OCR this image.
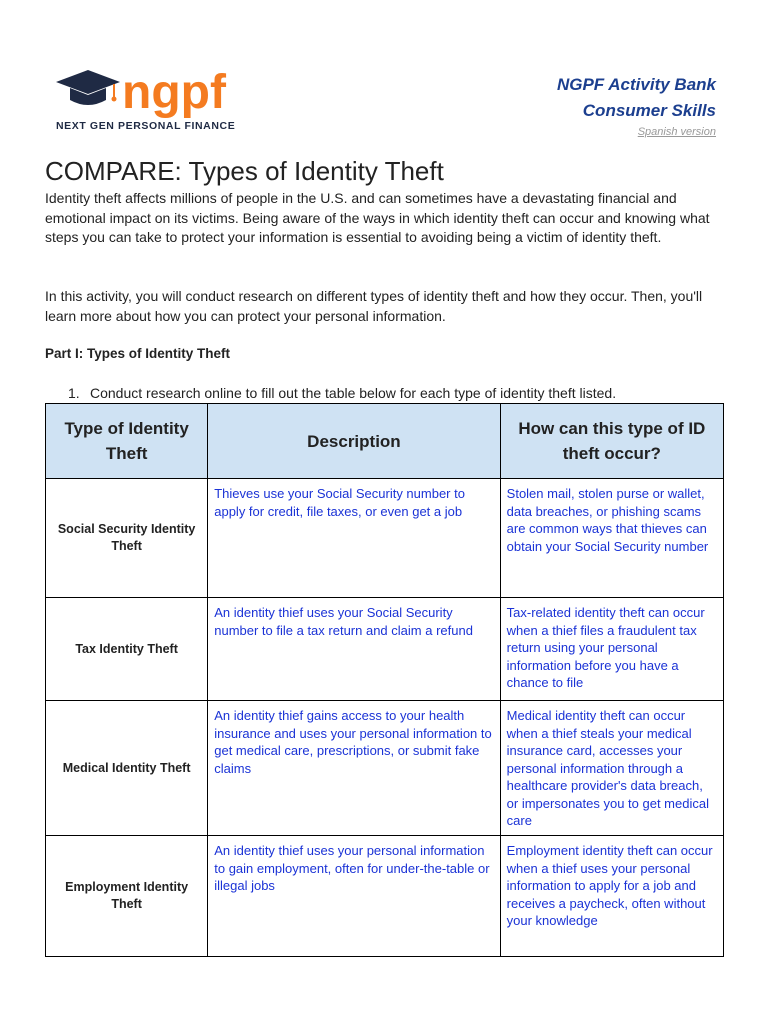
ngpf
NEXT GEN PERSONAL FINANCE
NGPF Activity Bank
Consumer Skills
Spanish version
COMPARE: Types of Identity Theft

Identity theft affects millions of people in the U.S. and can sometimes have a devastating financial and emotional impact on its victims. Being aware of the ways in which identity theft can occur and knowing what steps you can take to protect your information is essential to avoiding being a victim of identity theft.

In this activity, you will conduct research on different types of identity theft and how they occur. Then, you'll learn more about how you can protect your personal information.

Part I: Types of Identity Theft

1. Conduct research online to fill out the table below for each type of identity theft listed.
Type of Identity Theft	Description	How can this type of ID theft occur?
Social Security Identity Theft	Thieves use your Social Security number to apply for credit, file taxes, or even get a job	Stolen mail, stolen purse or wallet, data breaches, or phishing scams are common ways that thieves can obtain your Social Security number
Tax Identity Theft	An identity thief uses your Social Security number to file a tax return and claim a refund	Tax-related identity theft can occur when a thief files a fraudulent tax return using your personal information before you have a chance to file
Medical Identity Theft	An identity thief gains access to your health insurance and uses your personal information to get medical care, prescriptions, or submit fake claims	Medical identity theft can occur when a thief steals your medical insurance card, accesses your personal information through a healthcare provider's data breach, or impersonates you to get medical care
Employment Identity Theft	An identity thief uses your personal information to gain employment, often for under-the-table or illegal jobs	Employment identity theft can occur when a thief uses your personal information to apply for a job and receives a paycheck, often without your knowledge
